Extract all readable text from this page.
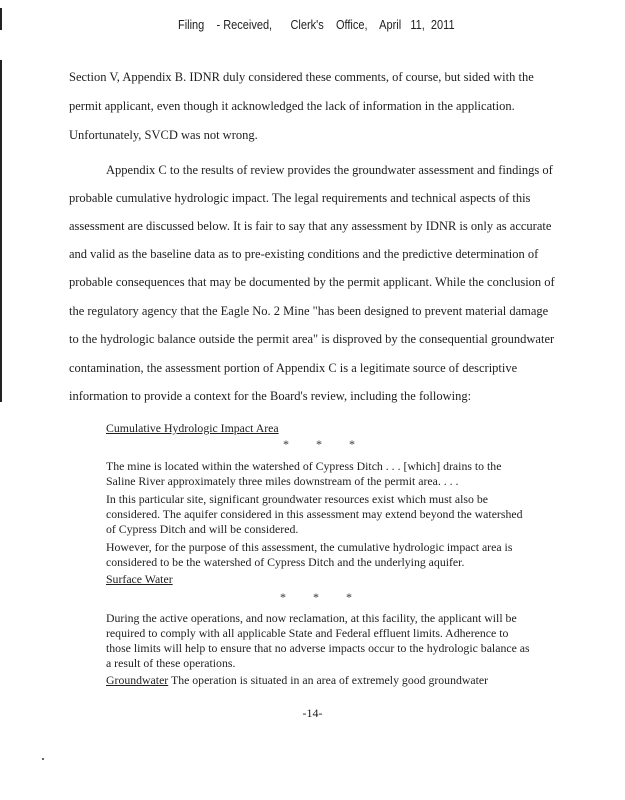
Filing    - Received,      Clerk's    Office,    April   11,  2011
Section V, Appendix B. IDNR duly considered these comments, of course, but sided with the
permit applicant, even though it acknowledged the lack of information in the application.
Unfortunately, SVCD was not wrong.
Appendix C to the results of review provides the groundwater assessment and findings of
probable cumulative hydrologic impact. The legal requirements and technical aspects of this
assessment are discussed below. It is fair to say that any assessment by IDNR is only as accurate
and valid as the baseline data as to pre-existing conditions and the predictive determination of
probable consequences that may be documented by the permit applicant. While the conclusion of
the regulatory agency that the Eagle No. 2 Mine "has been designed to prevent material damage
to the hydrologic balance outside the permit area" is disproved by the consequential groundwater
contamination, the assessment portion of Appendix C is a legitimate source of descriptive
information to provide a context for the Board's review, including the following:
Cumulative Hydrologic Impact Area
* * *
The mine is located within the watershed of Cypress Ditch . . . [which] drains to the
Saline River approximately three miles downstream of the permit area. . . .
In this particular site, significant groundwater resources exist which must also be
considered. The aquifer considered in this assessment may extend beyond the watershed
of Cypress Ditch and will be considered.
However, for the purpose of this assessment, the cumulative hydrologic impact area is
considered to be the watershed of Cypress Ditch and the underlying aquifer.
Surface Water
* * *
During the active operations, and now reclamation, at this facility, the applicant will be
required to comply with all applicable State and Federal effluent limits. Adherence to
those limits will help to ensure that no adverse impacts occur to the hydrologic balance as
a result of these operations.
Groundwater The operation is situated in an area of extremely good groundwater
-14-
